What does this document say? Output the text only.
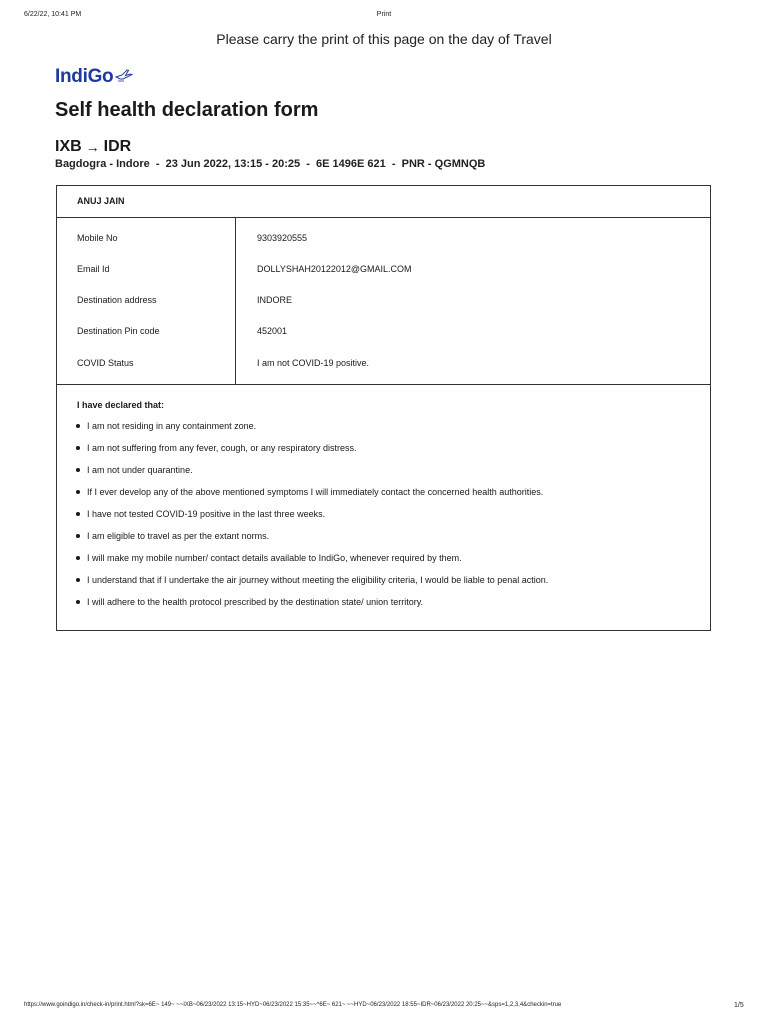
6/22/22, 10:41 PM	Print
Please carry the print of this page on the day of Travel
IndiGo
Self health declaration form
IXB → IDR
Bagdogra - Indore  -  23 Jun 2022, 13:15 - 20:25  -  6E 1496E 621  -  PNR - QGMNQB
ANUJ JAIN
Mobile No	9303920555
Email Id	DOLLYSHAH20122012@GMAIL.COM
Destination address	INDORE
Destination Pin code	452001
COVID Status	I am not COVID-19 positive.
I have declared that:
I am not residing in any containment zone.
I am not suffering from any fever, cough, or any respiratory distress.
I am not under quarantine.
If I ever develop any of the above mentioned symptoms I will immediately contact the concerned health authorities.
I have not tested COVID-19 positive in the last three weeks.
I am eligible to travel as per the extant norms.
I will make my mobile number/ contact details available to IndiGo, whenever required by them.
I understand that if I undertake the air journey without meeting the eligibility criteria, I would be liable to penal action.
I will adhere to the health protocol prescribed by the destination state/ union territory.
https://www.goindigo.in/check-in/print.html?sk=6E~ 149~ ~~IXB~06/23/2022 13:15~HYD~06/23/2022 15:35~~^6E~ 621~ ~~HYD~06/23/2022 18:55~IDR~06/23/2022 20:25~~&sps=1,2,3,4&checkin=true	1/5
